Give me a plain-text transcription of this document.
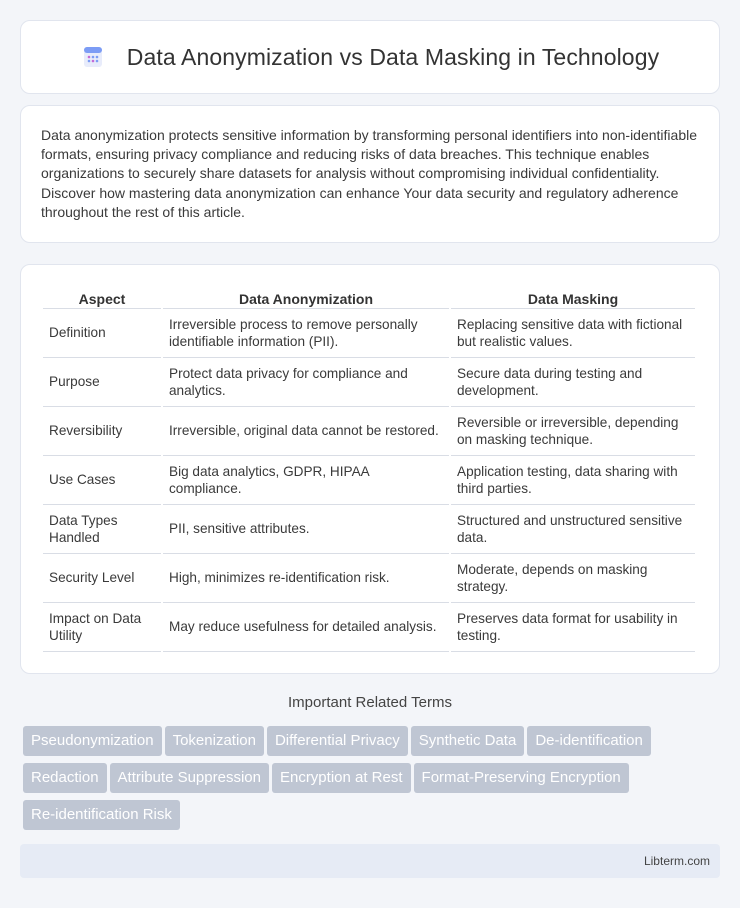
Data Anonymization vs Data Masking in Technology

Data anonymization protects sensitive information by transforming personal identifiers into non-identifiable formats, ensuring privacy compliance and reducing risks of data breaches. This technique enables organizations to securely share datasets for analysis without compromising individual confidentiality. Discover how mastering data anonymization can enhance Your data security and regulatory adherence throughout the rest of this article.

Aspect	Data Anonymization	Data Masking
Definition	Irreversible process to remove personally identifiable information (PII).	Replacing sensitive data with fictional but realistic values.
Purpose	Protect data privacy for compliance and analytics.	Secure data during testing and development.
Reversibility	Irreversible, original data cannot be restored.	Reversible or irreversible, depending on masking technique.
Use Cases	Big data analytics, GDPR, HIPAA compliance.	Application testing, data sharing with third parties.
Data Types Handled	PII, sensitive attributes.	Structured and unstructured sensitive data.
Security Level	High, minimizes re-identification risk.	Moderate, depends on masking strategy.
Impact on Data Utility	May reduce usefulness for detailed analysis.	Preserves data format for usability in testing.
Important Related Terms
Pseudonymization Tokenization Differential Privacy Synthetic Data De-identification
Redaction Attribute Suppression Encryption at Rest Format-Preserving Encryption
Re-identification Risk
Libterm.com
